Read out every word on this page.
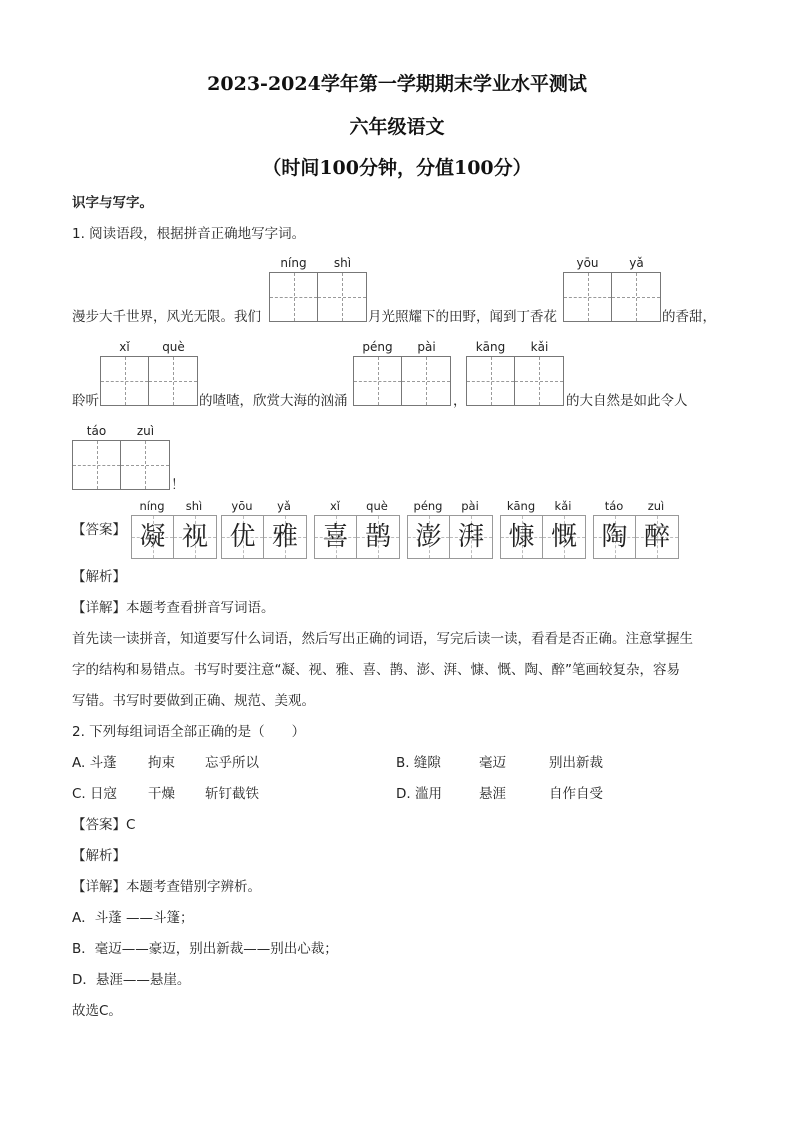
2023-2024学年第一学期期末学业水平测试
六年级语文
（时间100分钟，分值100分）
识字与写字。
1. 阅读语段，根据拼音正确地写字词。
漫步大千世界，风光无限。我们
níng	shì
月光照耀下的田野，闻到丁香花
yōu	yǎ
的香甜，
聆听
xǐ	què
的喳喳，欣赏大海的汹涌
péng	pài
，
kāng	kǎi
的大自然是如此令人
táo	zuì
！
【答案】
níng	shì
凝 视
yōu	yǎ
优 雅
xǐ	què
喜 鹊
péng	pài
澎 湃
kāng	kǎi
慷 慨
táo	zuì
陶 醉
【解析】
【详解】本题考查看拼音写词语。
首先读一读拼音，知道要写什么词语，然后写出正确的词语，写完后读一读，看看是否正确。注意掌握生
字的结构和易错点。书写时要注意“凝、视、雅、喜、鹊、澎、湃、慷、慨、陶、醉”笔画较复杂，容易
写错。书写时要做到正确、规范、美观。
2. 下列每组词语全部正确的是（　　）
A. 斗蓬 拘束 忘乎所以	B. 缝隙	毫迈	别出新裁
C. 日寇 干燥 斩钉截铁	D. 滥用	悬涯	自作自受
【答案】C
【解析】
【详解】本题考查错别字辨析。
A．斗蓬 ——斗篷；
B．毫迈——豪迈，别出新裁——别出心裁；
D．悬涯——悬崖。
故选C。
